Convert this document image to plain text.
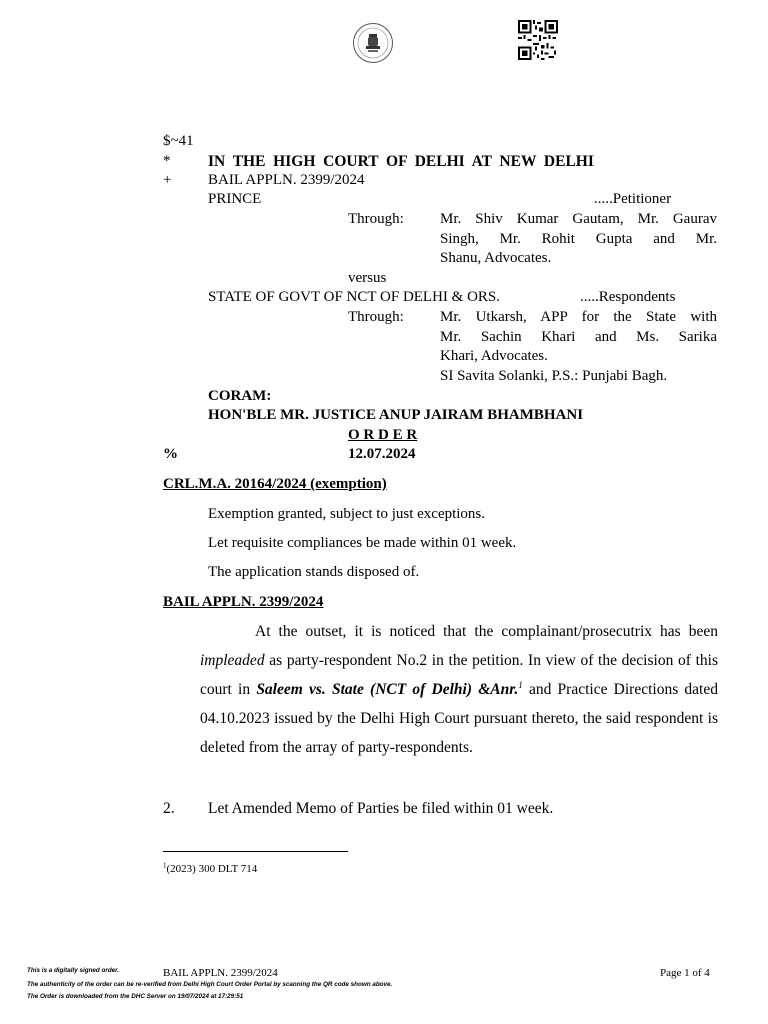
$~41
* IN  THE  HIGH  COURT  OF  DELHI  AT  NEW  DELHI
+ BAIL APPLN. 2399/2024
PRINCE	.....Petitioner
Through: Mr. Shiv Kumar Gautam, Mr. Gaurav
Singh, Mr. Rohit Gupta and Mr.
Shanu, Advocates.
versus
STATE OF GOVT OF NCT OF DELHI & ORS.	.....Respondents
Through: Mr. Utkarsh, APP for the State with
Mr. Sachin Khari and Ms. Sarika
Khari, Advocates.
SI Savita Solanki, P.S.: Punjabi Bagh.
CORAM:
HON'BLE MR. JUSTICE ANUP JAIRAM BHAMBHANI
O R D E R
%	12.07.2024
CRL.M.A. 20164/2024 (exemption)
Exemption granted, subject to just exceptions.
Let requisite compliances be made within 01 week.
The application stands disposed of.
BAIL APPLN. 2399/2024
At the outset, it is noticed that the complainant/prosecutrix has been impleaded as party-respondent No.2 in the petition. In view of the decision of this court in Saleem vs. State (NCT of Delhi) &Anr.$^1$ and Practice Directions dated 04.10.2023 issued by the Delhi High Court pursuant thereto, the said respondent is deleted from the array of party-respondents.
2. Let Amended Memo of Parties be filed within 01 week.
$^1$(2023) 300 DLT 714
This is a digitally signed order.	BAIL APPLN. 2399/2024	Page 1 of 4
The authenticity of the order can be re-verified from Delhi High Court Order Portal by scanning the QR code shown above.
The Order is downloaded from the DHC Server on 19/07/2024 at 17:29:51
